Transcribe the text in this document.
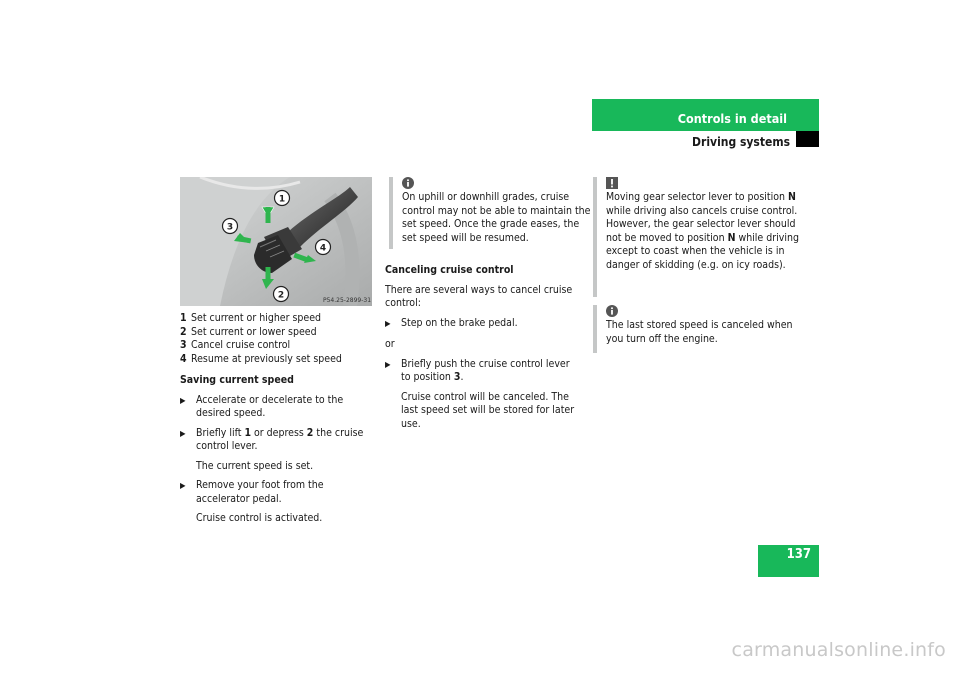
Controls in detail
Driving systems
1
2
3
4
P54.25-2899-31
1 Set current or higher speed
2 Set current or lower speed
3 Cancel cruise control
4 Resume at previously set speed
Saving current speed
▶ Accelerate or decelerate to the desired speed.
▶ Briefly lift 1 or depress 2 the cruise control lever.
The current speed is set.
▶ Remove your foot from the accelerator pedal.
Cruise control is activated.
On uphill or downhill grades, cruise control may not be able to maintain the set speed. Once the grade eases, the set speed will be resumed.
Canceling cruise control
There are several ways to cancel cruise control:
▶ Step on the brake pedal.
or
▶ Briefly push the cruise control lever to position 3.
Cruise control will be canceled. The last speed set will be stored for later use.
Moving gear selector lever to position N while driving also cancels cruise control. However, the gear selector lever should not be moved to position N while driving except to coast when the vehicle is in danger of skidding (e.g. on icy roads).
The last stored speed is canceled when you turn off the engine.
137
carmanualsonline.info
